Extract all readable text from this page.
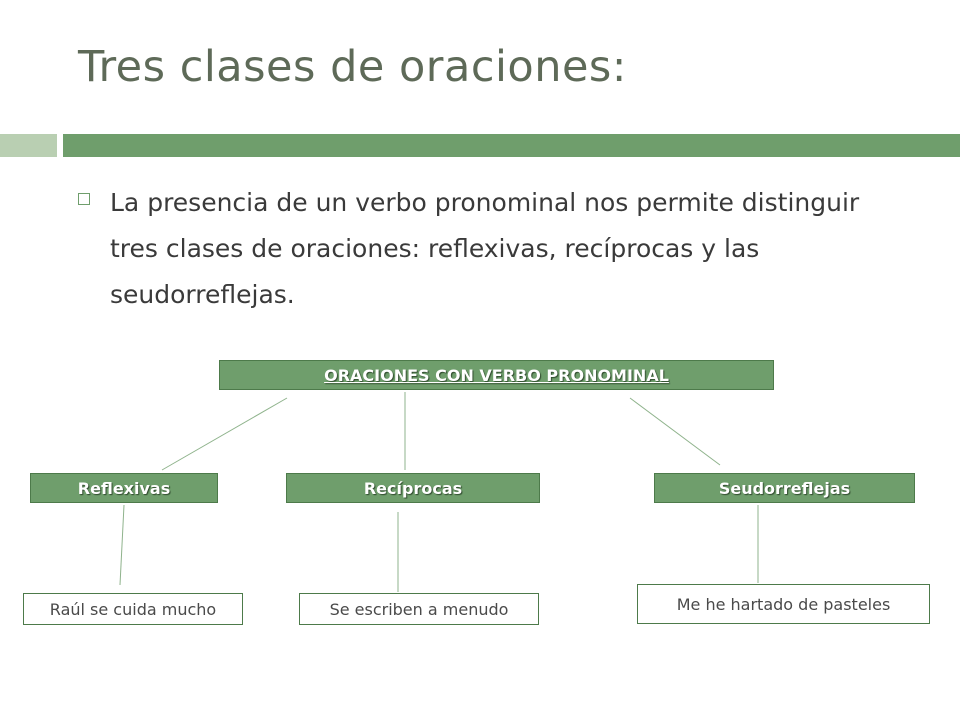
Tres clases de oraciones:
La presencia de un verbo pronominal nos permite distinguir tres clases de oraciones: reflexivas, recíprocas y las seudorreflejas.
ORACIONES CON VERBO PRONOMINAL
Reflexivas	Recíprocas	Seudorreflejas
Raúl se cuida mucho	Se escriben a menudo	Me he hartado de pasteles
